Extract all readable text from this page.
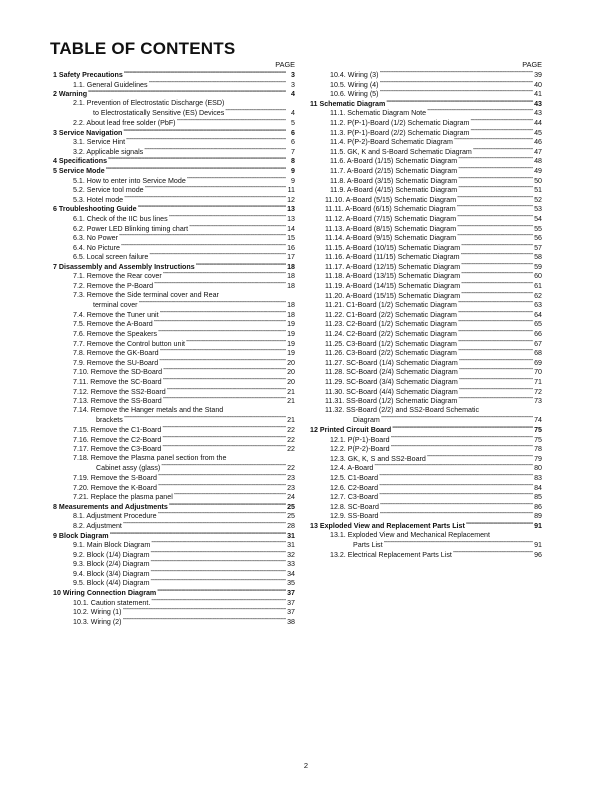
TABLE OF CONTENTS
PAGE
1 Safety Precautions -----	3
1.1. General Guidelines -----	3
2 Warning -----	4
2.1. Prevention of Electrostatic Discharge (ESD)
to Electrostatically Sensitive (ES) Devices -----	4
2.2. About lead free solder (PbF) -----	5
3 Service Navigation -----	6
3.1. Service Hint -----	6
3.2. Applicable signals -----	7
4 Specifications -----	8
5 Service Mode -----	9
5.1. How to enter into Service Mode -----	9
5.2. Service tool mode -----	11
5.3. Hotel mode -----	12
6 Troubleshooting Guide -----	13
6.1. Check of the IIC bus lines -----	13
6.2. Power LED Blinking timing chart -----	14
6.3. No Power -----	15
6.4. No Picture -----	16
6.5. Local screen failure -----	17
7 Disassembly and Assembly Instructions -----	18
7.1. Remove the Rear cover -----	18
7.2. Remove the P-Board -----	18
7.3. Remove the Side terminal cover and Rear
terminal cover -----	18
7.4. Remove the Tuner unit -----	18
7.5. Remove the A-Board -----	19
7.6. Remove the Speakers -----	19
7.7. Remove the Control button unit -----	19
7.8. Remove the GK-Board -----	19
7.9. Remove the SU-Board -----	20
7.10. Remove the SD-Board -----	20
7.11. Remove the SC-Board -----	20
7.12. Remove the SS2-Board -----	21
7.13. Remove the SS-Board -----	21
7.14. Remove the Hanger metals and the Stand
brackets -----	21
7.15. Remove the C1-Board -----	22
7.16. Remove the C2-Board -----	22
7.17. Remove the C3-Board -----	22
7.18. Remove the Plasma panel section from the
Cabinet assy (glass) -----	22
7.19. Remove the S-Board -----	23
7.20. Remove the K-Board -----	23
7.21. Replace the plasma panel -----	24
8 Measurements and Adjustments -----	25
8.1. Adjustment Procedure -----	25
8.2. Adjustment -----	28
9 Block Diagram -----	31
9.1. Main Block Diagram -----	31
9.2. Block (1/4) Diagram -----	32
9.3. Block (2/4) Diagram -----	33
9.4. Block (3/4) Diagram -----	34
9.5. Block (4/4) Diagram -----	35
10 Wiring Connection Diagram -----	37
10.1. Caution statement. -----	37
10.2. Wiring (1) -----	37
10.3. Wiring (2) -----	38
PAGE
10.4. Wiring (3) -----	39
10.5. Wiring (4) -----	40
10.6. Wiring (5) -----	41
11 Schematic Diagram -----	43
11.1. Schematic Diagram Note -----	43
11.2. P(P-1)-Board (1/2) Schematic Diagram -----	44
11.3. P(P-1)-Board (2/2) Schematic Diagram -----	45
11.4. P(P-2)-Board Schematic Diagram -----	46
11.5. GK, K and S-Board Schematic Diagram -----	47
11.6. A-Board (1/15) Schematic Diagram -----	48
11.7. A-Board (2/15) Schematic Diagram -----	49
11.8. A-Board (3/15) Schematic Diagram -----	50
11.9. A-Board (4/15) Schematic Diagram -----	51
11.10. A-Board (5/15) Schematic Diagram -----	52
11.11. A-Board (6/15) Schematic Diagram -----	53
11.12. A-Board (7/15) Schematic Diagram -----	54
11.13. A-Board (8/15) Schematic Diagram -----	55
11.14. A-Board (9/15) Schematic Diagram -----	56
11.15. A-Board (10/15) Schematic Diagram -----	57
11.16. A-Board (11/15) Schematic Diagram -----	58
11.17. A-Board (12/15) Schematic Diagram -----	59
11.18. A-Board (13/15) Schematic Diagram -----	60
11.19. A-Board (14/15) Schematic Diagram -----	61
11.20. A-Board (15/15) Schematic Diagram -----	62
11.21. C1-Board (1/2) Schematic Diagram -----	63
11.22. C1-Board (2/2) Schematic Diagram -----	64
11.23. C2-Board (1/2) Schematic Diagram -----	65
11.24. C2-Board (2/2) Schematic Diagram -----	66
11.25. C3-Board (1/2) Schematic Diagram -----	67
11.26. C3-Board (2/2) Schematic Diagram -----	68
11.27. SC-Board (1/4) Schematic Diagram -----	69
11.28. SC-Board (2/4) Schematic Diagram -----	70
11.29. SC-Board (3/4) Schematic Diagram -----	71
11.30. SC-Board (4/4) Schematic Diagram -----	72
11.31. SS-Board (1/2) Schematic Diagram -----	73
11.32. SS-Board (2/2) and SS2-Board Schematic
Diagram -----	74
12 Printed Circuit Board -----	75
12.1. P(P-1)-Board -----	75
12.2. P(P-2)-Board -----	78
12.3. GK, K, S and SS2-Board -----	79
12.4. A-Board -----	80
12.5. C1-Board -----	83
12.6. C2-Board -----	84
12.7. C3-Board -----	85
12.8. SC-Board -----	86
12.9. SS-Board -----	89
13 Exploded View and Replacement Parts List -----	91
13.1. Exploded View and Mechanical Replacement
Parts List -----	91
13.2. Electrical Replacement Parts List -----	96
2
